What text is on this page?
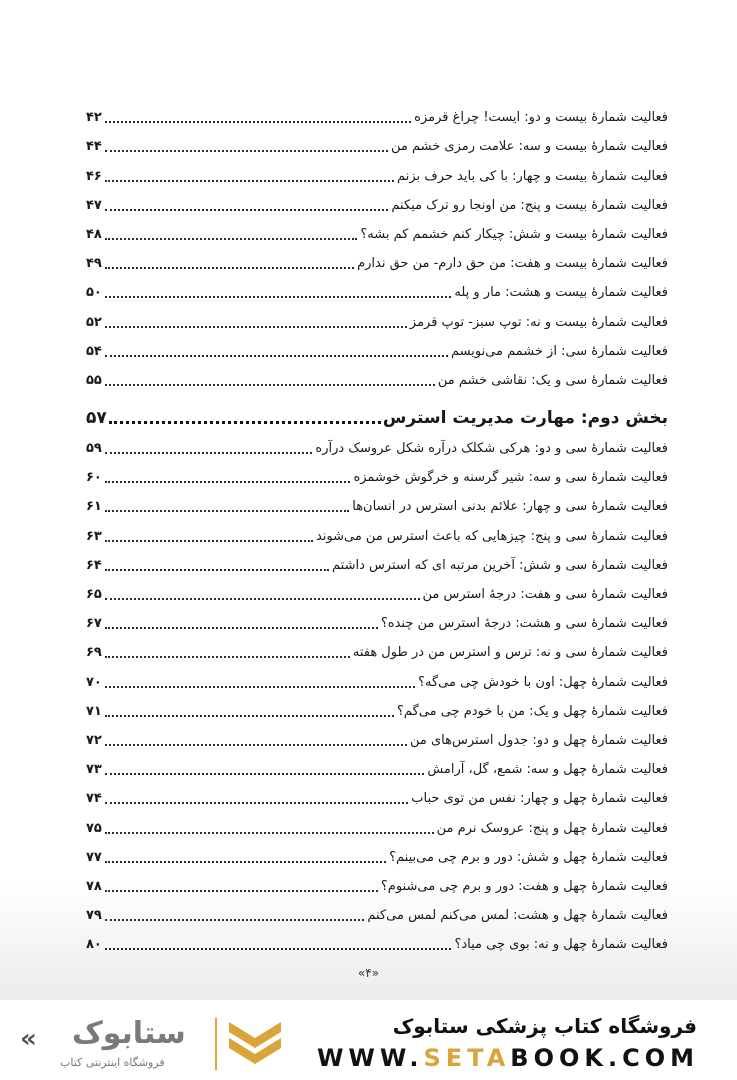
فعالیت شمارهٔ بیست و دو: ایست! چراغ قرمزه
۴۲
فعالیت شمارهٔ بیست و سه: علامت رمزی خشم من
۴۴
فعالیت شمارهٔ بیست و چهار: با کی باید حرف بزنم
۴۶
فعالیت شمارهٔ بیست و پنج: من اونجا رو ترک میکنم
۴۷
فعالیت شمارهٔ بیست و شش: چیکار کنم خشمم کم بشه؟
۴۸
فعالیت شمارهٔ بیست و هفت: من حق دارم- من حق ندارم
۴۹
فعالیت شمارهٔ بیست و هشت: مار و پله
۵۰
فعالیت شمارهٔ بیست و نه: توپ سبز- توپ قرمز
۵۲
فعالیت شمارهٔ سی: از خشمم می‌نویسم
۵۴
فعالیت شمارهٔ سی و یک: نقاشی خشم من
۵۵
بخش دوم: مهارت مدیریت استرس
۵۷
فعالیت شمارهٔ سی و دو: هرکی شکلک درآره شکل عروسک درآره
۵۹
فعالیت شمارهٔ سی و سه: شیر گرسنه و خرگوش خوشمزه
۶۰
فعالیت شمارهٔ سی و چهار: علائم بدنی استرس در انسان‌ها
۶۱
فعالیت شمارهٔ سی و پنج: چیزهایی که باعث استرس من می‌شوند
۶۳
فعالیت شمارهٔ سی و شش: آخرین مرتبه ای که استرس داشتم
۶۴
فعالیت شمارهٔ سی و هفت: درجهٔ استرس من
۶۵
فعالیت شمارهٔ سی و هشت: درجهٔ استرس من چنده؟
۶۷
فعالیت شمارهٔ سی و نه: ترس و استرس من در طول هفته
۶۹
فعالیت شمارهٔ چهل: اون با خودش چی می‌گه؟
۷۰
فعالیت شمارهٔ چهل و یک: من با خودم چی می‌گم؟
۷۱
فعالیت شمارهٔ چهل و دو: جدول استرس‌های من
۷۲
فعالیت شمارهٔ چهل و سه: شمع، گل، آرامش
۷۳
فعالیت شمارهٔ چهل و چهار: نفس من توی حباب
۷۴
فعالیت شمارهٔ چهل و پنج: عروسک نرم من
۷۵
فعالیت شمارهٔ چهل و شش: دور و برم چی می‌بینم؟
۷۷
فعالیت شمارهٔ چهل و هفت: دور و برم چی می‌شنوم؟
۷۸
فعالیت شمارهٔ چهل و هشت: لمس می‌کنم لمس می‌کنم
۷۹
فعالیت شمارهٔ چهل و نه: بوی چی میاد؟
۸۰
«۴»
« ستابوک
فروشگاه اینترنتی کتاب
فروشگاه کتاب پزشکی ستابوک
WWW.SETABOOK.COM
